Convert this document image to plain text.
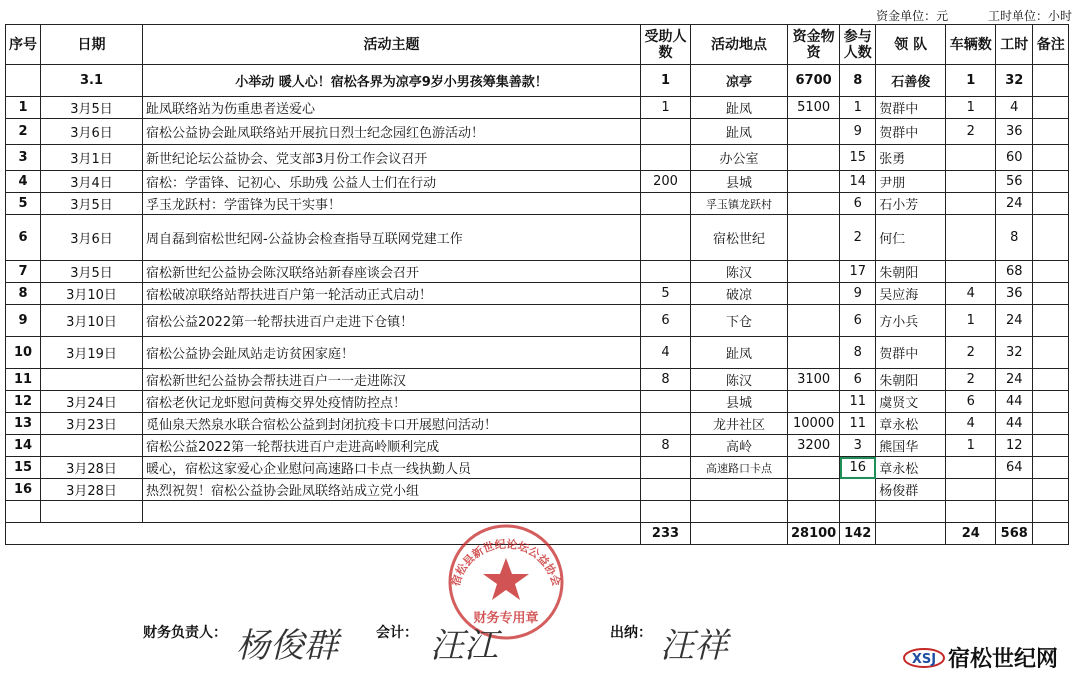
资金单位：元	工时单位：小时
序号	日期	活动主题	受助人数	活动地点	资金物资	参与人数	领 队	车辆数	工时	备注
	3.1	小举动 暖人心！宿松各界为凉亭9岁小男孩筹集善款！	1	凉亭	6700	8	石善俊	1	32	
1	3月5日	趾凤联络站为伤重患者送爱心	1	趾凤	5100	1	贺群中	1	4	
2	3月6日	宿松公益协会趾凤联络站开展抗日烈士纪念园红色游活动！		趾凤		9	贺群中	2	36	
3	3月1日	新世纪论坛公益协会、党支部3月份工作会议召开		办公室		15	张勇		60	
4	3月4日	宿松：学雷锋、记初心、乐助残 公益人士们在行动	200	县城		14	尹朋		56	
5	3月5日	孚玉龙跃村：学雷锋为民干实事！		孚玉镇龙跃村		6	石小芳		24	
6	3月6日	周自磊到宿松世纪网-公益协会检查指导互联网党建工作		宿松世纪		2	何仁		8	
7	3月5日	宿松新世纪公益协会陈汉联络站新春座谈会召开		陈汉		17	朱朝阳		68	
8	3月10日	宿松破凉联络站帮扶进百户第一轮活动正式启动！	5	破凉		9	吴应海	4	36	
9	3月10日	宿松公益2022第一轮帮扶进百户走进下仓镇！	6	下仓		6	方小兵	1	24	
10	3月19日	宿松公益协会趾凤站走访贫困家庭！	4	趾凤		8	贺群中	2	32	
11		宿松新世纪公益协会帮扶进百户一一走进陈汉	8	陈汉	3100	6	朱朝阳	2	24	
12	3月24日	宿松老伙记龙虾慰问黄梅交界处疫情防控点！		县城		11	虞贤文	6	44	
13	3月23日	觅仙泉天然泉水联合宿松公益到封闭抗疫卡口开展慰问活动！		龙井社区	10000	11	章永松	4	44	
14		宿松公益2022第一轮帮扶进百户走进高岭顺利完成	8	高岭	3200	3	熊国华	1	12	
15	3月28日	暖心，宿松这家爱心企业慰问高速路口卡点一线执勤人员		高速路口卡点		16	章永松		64	
16	3月28日	热烈祝贺！宿松公益协会趾凤联络站成立党小组					杨俊群			

			233		28100	142		24	568	
宿松县新世纪论坛公益协会
财务专用章
财务负责人： 杨俊群	会计： 汪江	出纳： 汪祥	XSJ 宿松世纪网
